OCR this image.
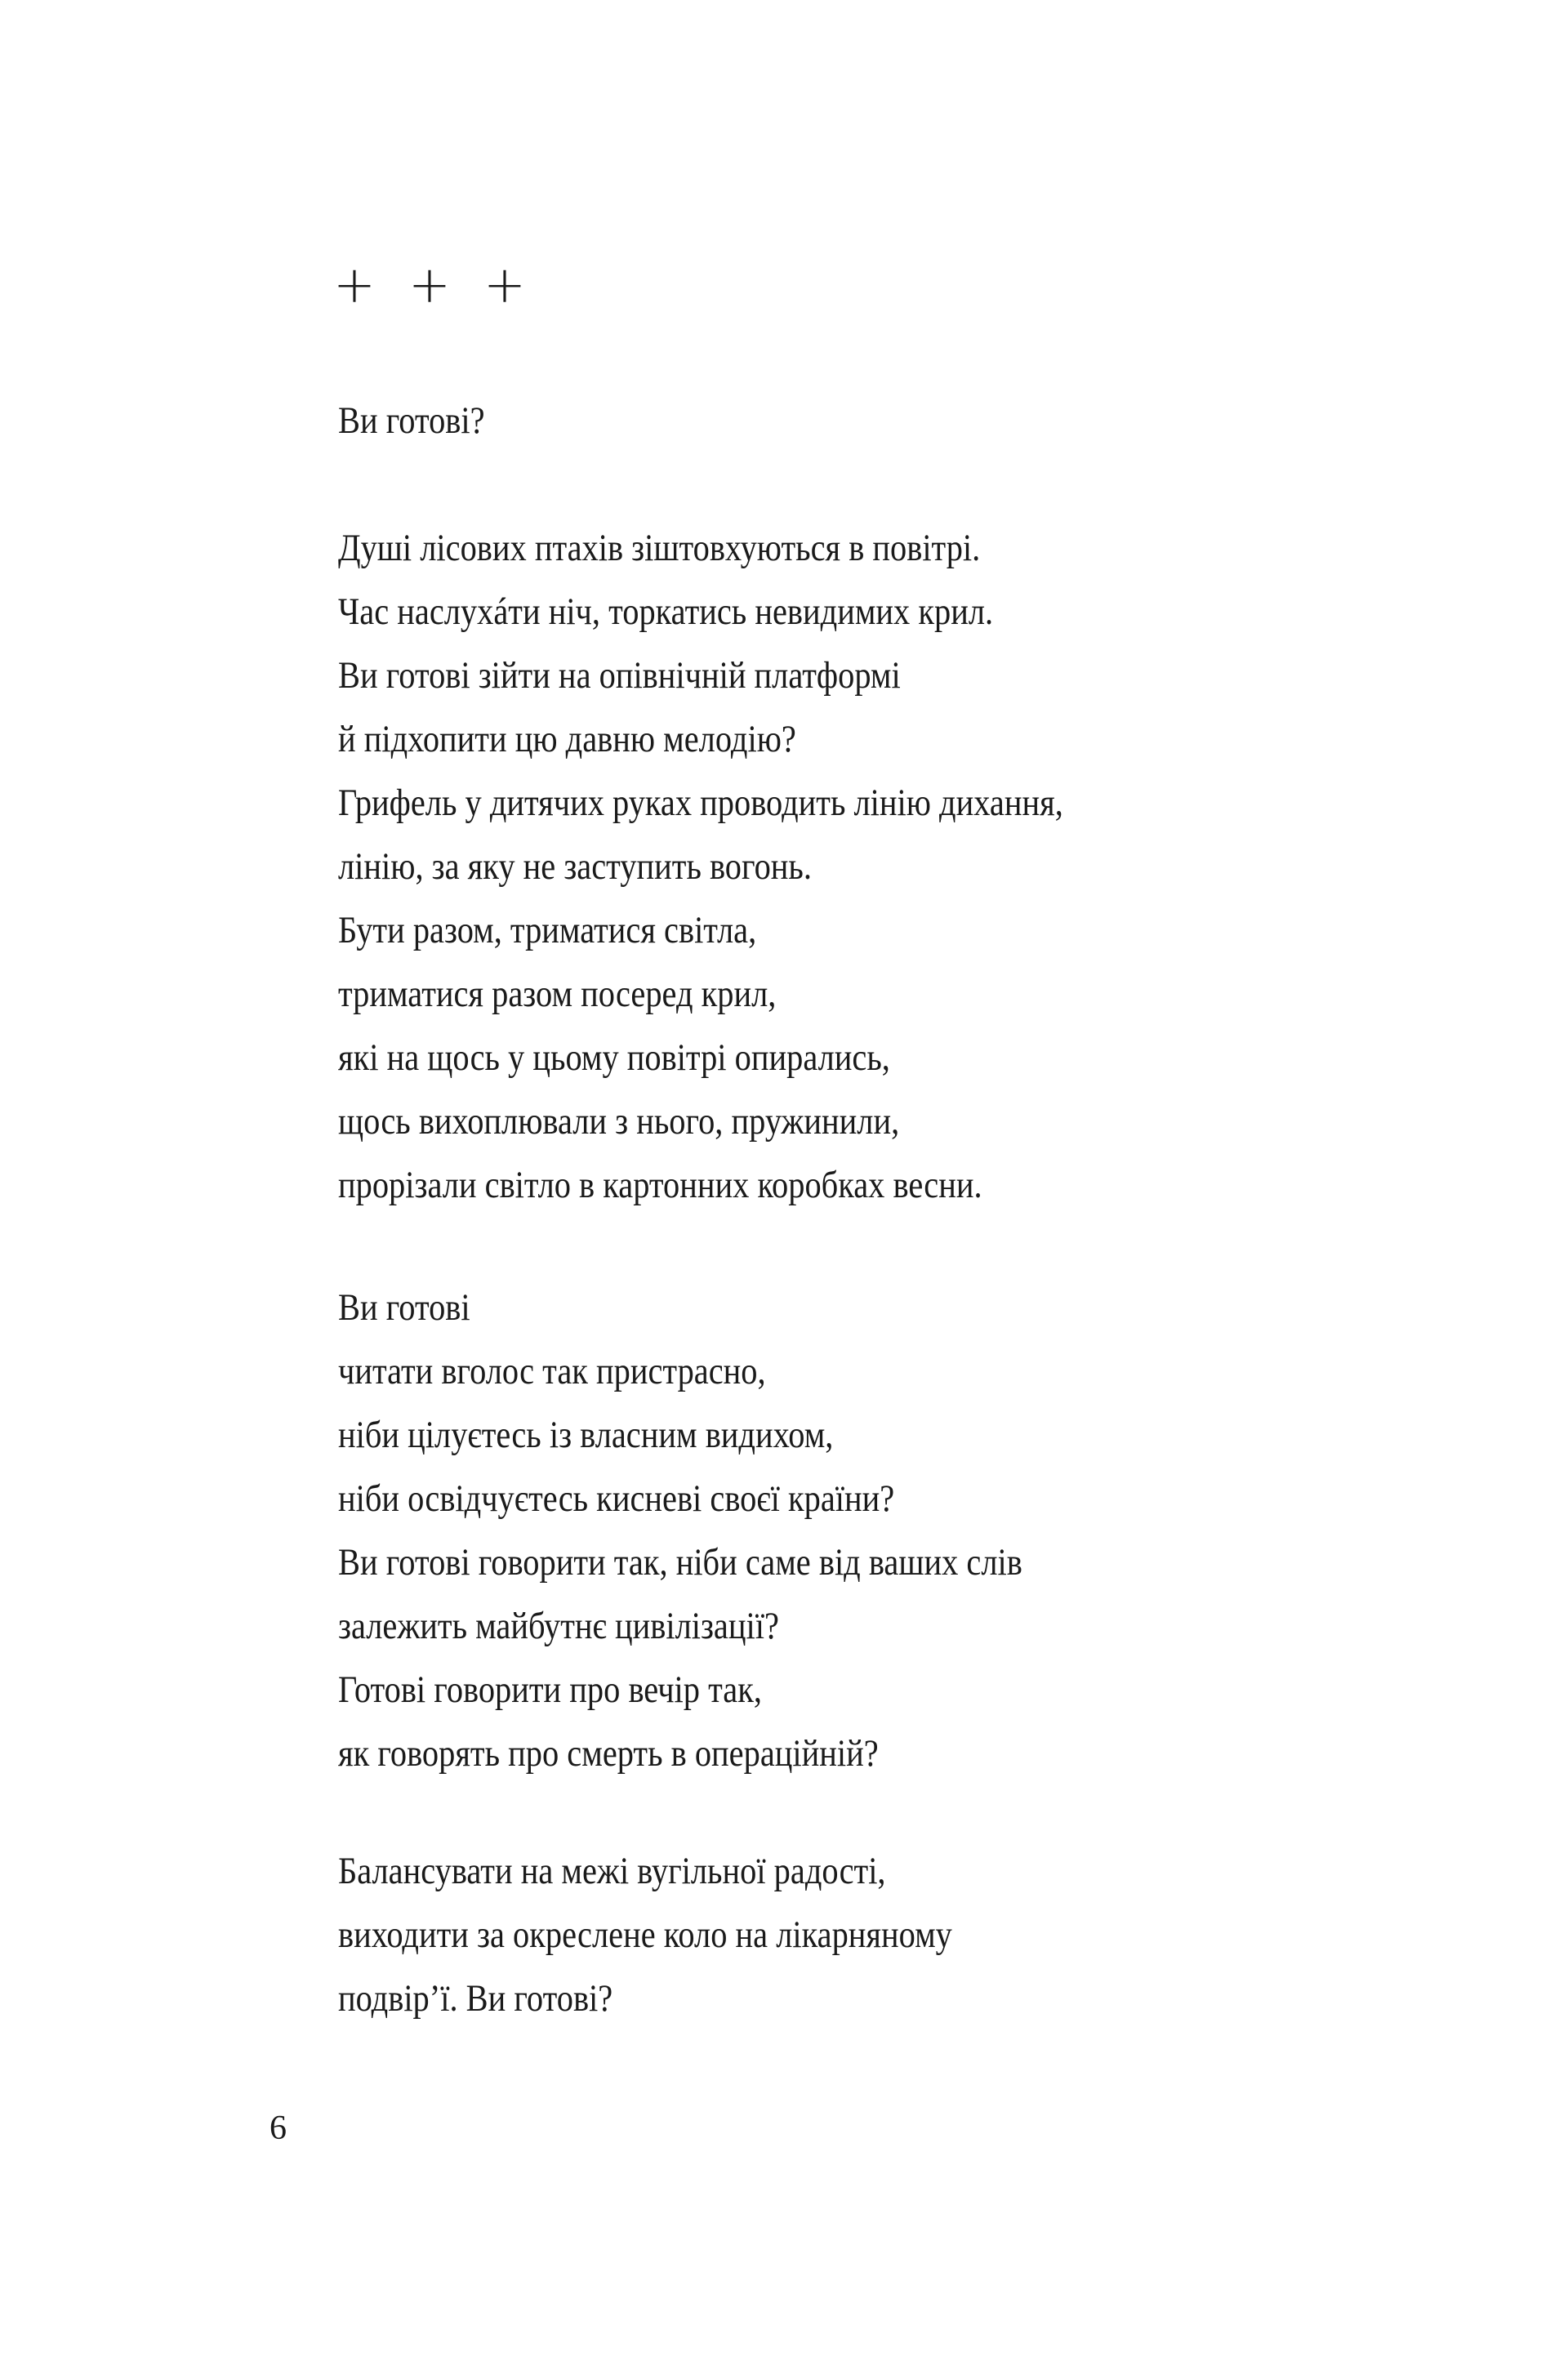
+ + +
Ви готові?
Душі лісових птахів зіштовхуються в повітрі.
Час наслухáти ніч, торкатись невидимих крил.
Ви готові зійти на опівнічній платформі
й підхопити цю давню мелодію?
Грифель у дитячих руках проводить лінію дихання,
лінію, за яку не заступить вогонь.
Бути разом, триматися світла,
триматися разом посеред крил,
які на щось у цьому повітрі опирались,
щось вихоплювали з нього, пружинили,
прорізали світло в картонних коробках весни.
Ви готові
читати вголос так пристрасно,
ніби цілуєтесь із власним видихом,
ніби освідчуєтесь кисневі своєї країни?
Ви готові говорити так, ніби саме від ваших слів
залежить майбутнє цивілізації?
Готові говорити про вечір так,
як говорять про смерть в операційній?
Балансувати на межі вугільної радості,
виходити за окреслене коло на лікарняному
подвір’ї. Ви готові?
6
